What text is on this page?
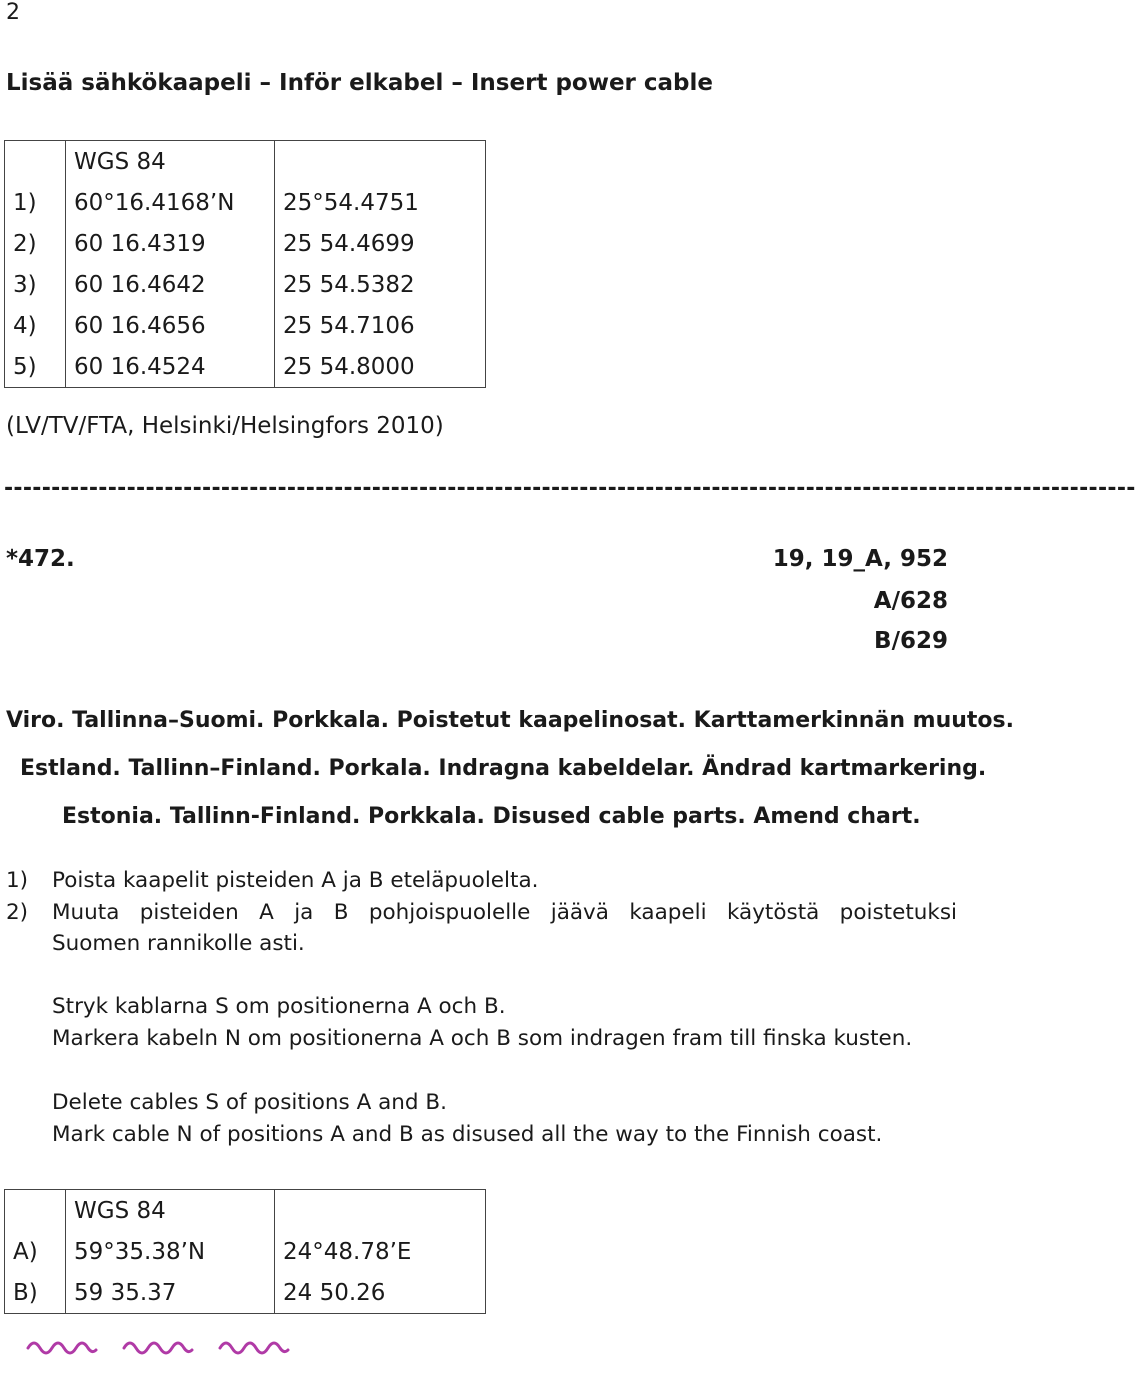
2
Lisää sähkökaapeli – Inför elkabel – Insert power cable
	WGS 84	
1)	60°16.4168’N	25°54.4751
2)	60 16.4319	25 54.4699
3)	60 16.4642	25 54.5382
4)	60 16.4656	25 54.7106
5)	60 16.4524	25 54.8000
(LV/TV/FTA, Helsinki/Helsingfors 2010)
------------------------------------------------------------------------------------------------------------------------
*472.	19, 19_A, 952
A/628
B/629
Viro. Tallinna–Suomi. Porkkala. Poistetut kaapelinosat. Karttamerkinnän muutos.
Estland. Tallinn–Finland. Porkala. Indragna kabeldelar. Ändrad kartmarkering.
Estonia. Tallinn-Finland. Porkkala. Disused cable parts. Amend chart.
1) Poista kaapelit pisteiden A ja B eteläpuolelta.
2) Muuta pisteiden A ja B pohjoispuolelle jäävä kaapeli käytöstä poistetuksi
Suomen rannikolle asti.
Stryk kablarna S om positionerna A och B.
Markera kabeln N om positionerna A och B som indragen fram till finska kusten.
Delete cables S of positions A and B.
Mark cable N of positions A and B as disused all the way to the Finnish coast.
	WGS 84	
A)	59°35.38’N	24°48.78’E
B)	59 35.37	24 50.26
